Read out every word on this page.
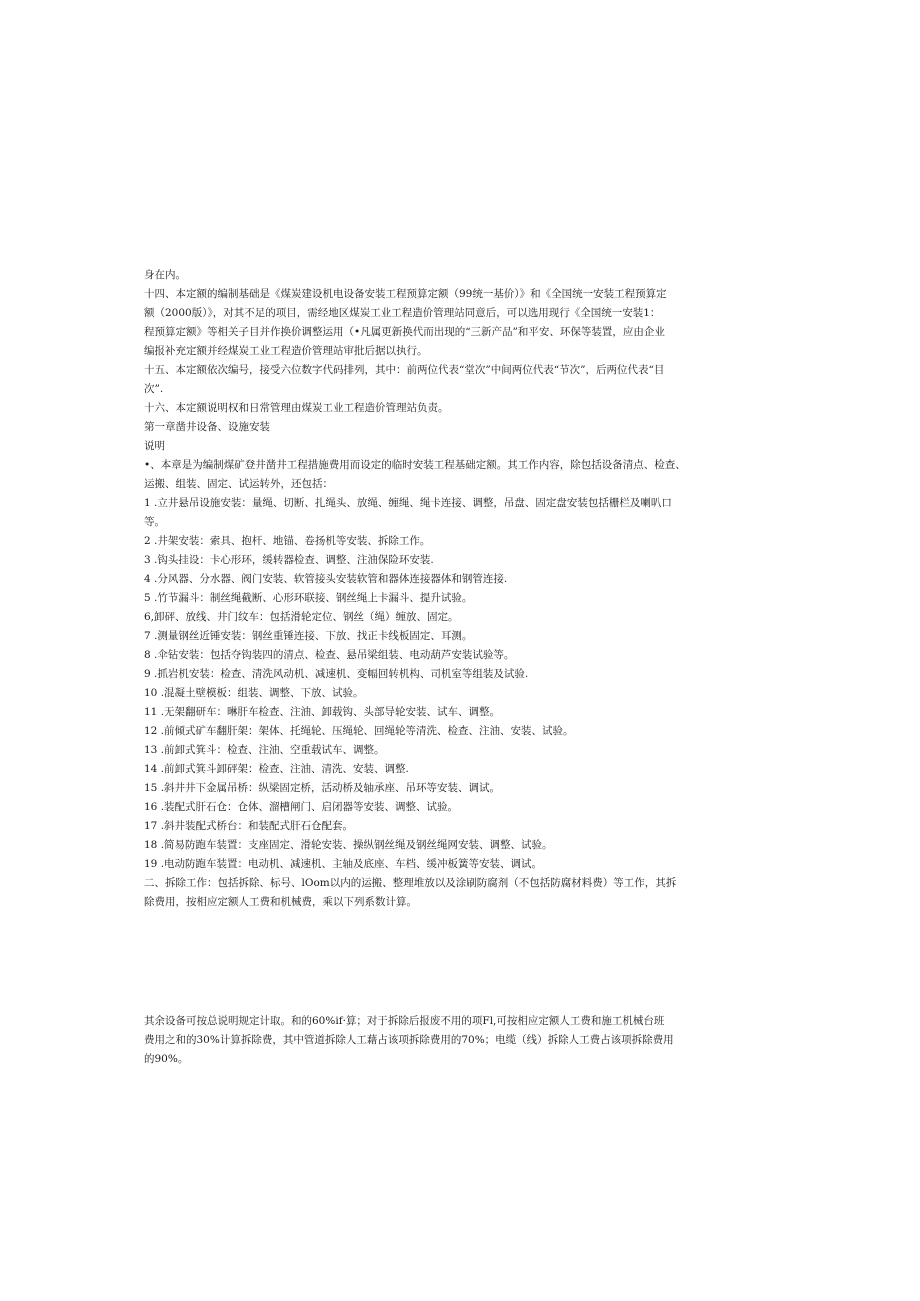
身在内。
十四、本定额的编制基础是《煤炭建设机电设备安装工程预算定额（99统一基价）》和《全国统一安装工程预算定
额（2000版）》，对其不足的项目，需经地区煤炭工业工程造价管理站同意后，可以选用现行《全国统一安装1：
程预算定额》等相关子目并作换价调整运用（•凡属更新换代而出现的“三新产品”和平安、环保等装置，应由企业
编报补充定额并经煤炭工业工程造价管理站审批后据以执行。
十五、本定额依次编号，接受六位数字代码排列，其中：前两位代表“堂次”中间两位代表“节次”，后两位代表“目
次”.
十六、本定额说明权和日常管理由煤炭工业工程造价管理站负责。
第一章凿井设备、设施安装
说明
•、本章是为编制煤矿登井凿井工程措施费用而设定的临时安装工程基础定额。其工作内容，除包括设备清点、检查、
运搬、组装、固定、试运转外，还包括：
1 .立井悬吊设施安装：量绳、切断、扎绳头、放绳、缠绳、绳卡连接、调整，吊盘、固定盘安装包括栅栏及喇叭口
等。
2 .井架安装：索具、抱杆、地锚、卷扬机等安装、拆除工作。
3 .钩头挂设：卡心形环，缓转器检查、调整、注油保险环安装.
4 .分风器、分水器、阀门安装、软管接头安装软管和器体连接器体和钢管连接.
5 .竹节漏斗：制丝绳截断、心形环联接、钢丝绳上卡漏斗、提升试验。
6,卸砰、放线、井门纹车：包括滑轮定位、钢丝（绳）缠放、固定。
7 .测量钢丝近锤安装：钢丝重锤连接、下放、找正卡线板固定、耳测。
8 .伞钻安装：包括夺钩装四的清点、检查、悬吊梁组装、电动葫芦安装试验等。
9 .抓岩机安装：检查、清洗风动机、减速机、变幅回转机构、司机室等组装及试验.
10 .混凝土壁模板：组装、调整、下放、试验。
11 .无架翻研车：晽肝车检查、注油、卸载钩、头部导轮安装、试车、调整。
12 .前倾式矿车翻肝架：架体、托绳轮、压绳轮、回绳轮等清洗、检查、注油、安装、试验。
13 .前卸式箕斗：检查、注油、空重载试车、调整。
14 .前卸式箕斗卸砰架：检查、注油、清洗、安装、调整.
15 .斜井井下金属吊桥：纵梁固定桥，活动桥及轴承座、吊环等安装、调试。
16 .装配式肝石仓：仓体、溜槽闸门、启闭器等安装、调整、试验。
17 .斜井装配式桥台：和装配式肝石仓配套。
18 .简易防跑车装置：支座固定、滑轮安装、操纵钢丝绳及钢丝绳网安装、调整、试验。
19 .电动防跑车装置：电动机、减速机、主轴及底座、车档、缓冲板簧等安装、调试。
二、拆除工作：包括拆除、标号、lOom以内的运搬、整理堆放以及涂刷防腐剂（不包括防腐材料费）等工作，其拆
除费用，按相应定额人工费和机械费，乘以下列系数计算。
其余设备可按总说明规定计取。和的60%if·算；对于拆除后报废不用的项Fl,可按相应定额人工费和施工机械台班
费用之和的30%计算拆除费，其中管道拆除人工藉占该项拆除费用的70%；电缆（线）拆除人工费占该项拆除费用
的90%。
